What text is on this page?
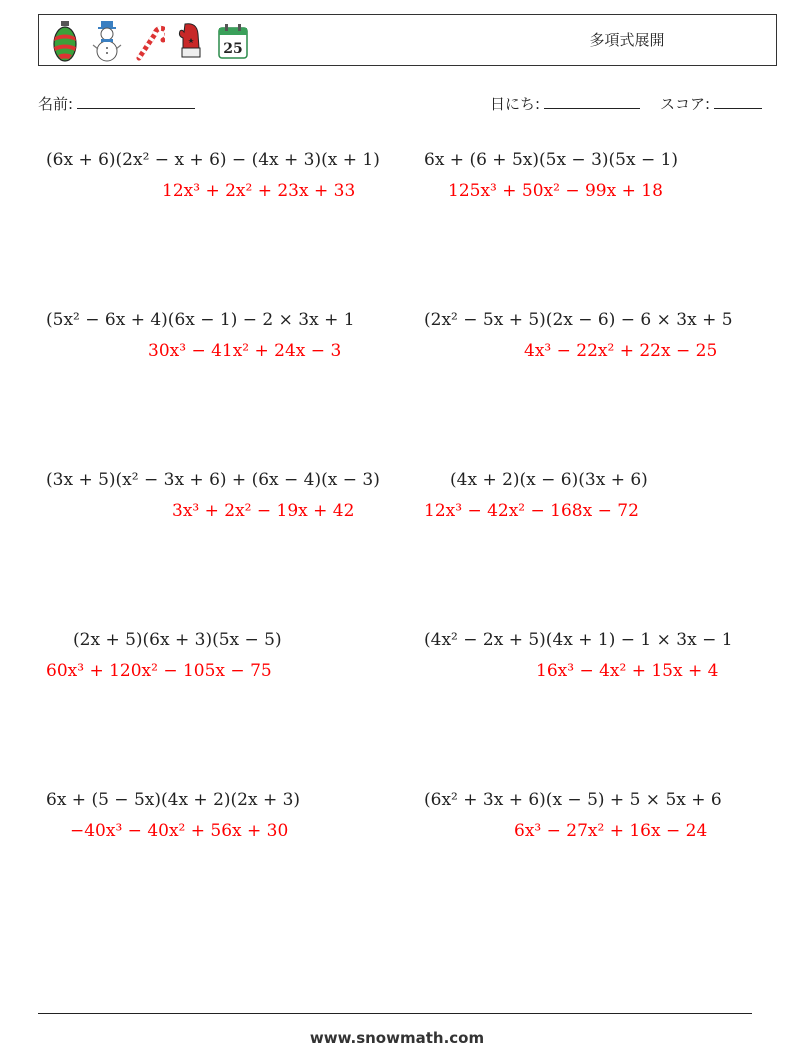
25	多項式展開
名前:	日にち:	スコア:
(6x + 6)(2x² − x + 6) − (4x + 3)(x + 1)
12x³ + 2x² + 23x + 33
6x + (6 + 5x)(5x − 3)(5x − 1)
125x³ + 50x² − 99x + 18
(5x² − 6x + 4)(6x − 1) − 2 × 3x + 1
30x³ − 41x² + 24x − 3
(2x² − 5x + 5)(2x − 6) − 6 × 3x + 5
4x³ − 22x² + 22x − 25
(3x + 5)(x² − 3x + 6) + (6x − 4)(x − 3)
3x³ + 2x² − 19x + 42
(4x + 2)(x − 6)(3x + 6)
12x³ − 42x² − 168x − 72
(2x + 5)(6x + 3)(5x − 5)
60x³ + 120x² − 105x − 75
(4x² − 2x + 5)(4x + 1) − 1 × 3x − 1
16x³ − 4x² + 15x + 4
6x + (5 − 5x)(4x + 2)(2x + 3)
−40x³ − 40x² + 56x + 30
(6x² + 3x + 6)(x − 5) + 5 × 5x + 6
6x³ − 27x² + 16x − 24
www.snowmath.com
